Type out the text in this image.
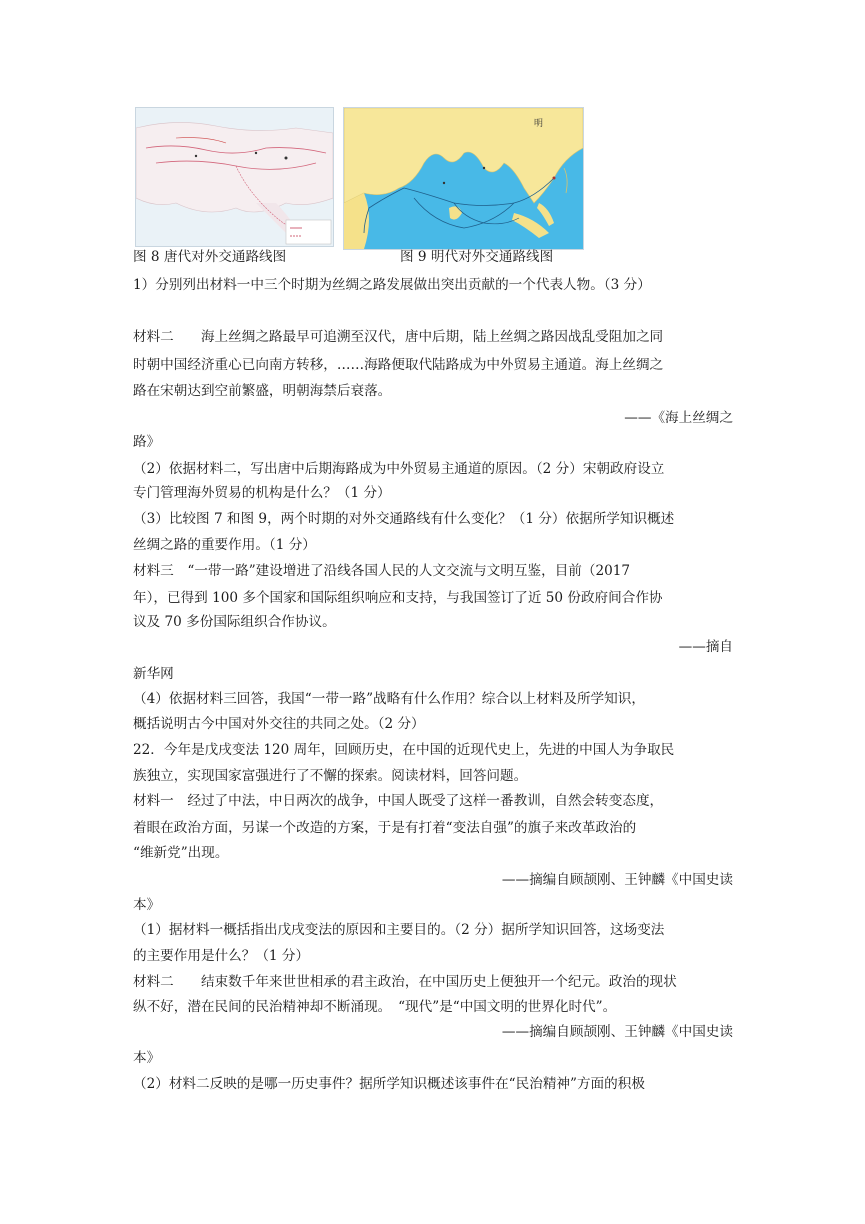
明
图 8 唐代对外交通路线图	图 9 明代对外交通路线图
1）分别列出材料一中三个时期为丝绸之路发展做出突出贡献的一个代表人物。（3 分）
材料二　　海上丝绸之路最早可追溯至汉代，唐中后期，陆上丝绸之路因战乱受阻加之同
时朝中国经济重心已向南方转移，……海路便取代陆路成为中外贸易主通道。海上丝绸之
路在宋朝达到空前繁盛，明朝海禁后衰落。
——《海上丝绸之
路》
（2）依据材料二，写出唐中后期海路成为中外贸易主通道的原因。（2 分）宋朝政府设立
专门管理海外贸易的机构是什么？（1 分）
（3）比较图 7 和图 9，两个时期的对外交通路线有什么变化？（1 分）依据所学知识概述
丝绸之路的重要作用。（1 分）
材料三　“一带一路”建设增进了沿线各国人民的人文交流与文明互鉴，目前（2017
年），已得到 100 多个国家和国际组织响应和支持，与我国签订了近 50 份政府间合作协
议及 70 多份国际组织合作协议。
——摘自
新华网
（4）依据材料三回答，我国“一带一路”战略有什么作用？综合以上材料及所学知识，
概括说明古今中国对外交往的共同之处。（2 分）
22．今年是戊戌变法 120 周年，回顾历史，在中国的近现代史上，先进的中国人为争取民
族独立，实现国家富强进行了不懈的探索。阅读材料，回答问题。
材料一　经过了中法，中日两次的战争，中国人既受了这样一番教训，自然会转变态度，
着眼在政治方面，另谋一个改造的方案，于是有打着“变法自强”的旗子来改革政治的
“维新党”出现。
——摘编自顾颉刚、王钟麟《中国史读
本》
（1）据材料一概括指出戊戌变法的原因和主要目的。（2 分）据所学知识回答，这场变法
的主要作用是什么？（1 分）
材料二　　结束数千年来世世相承的君主政治，在中国历史上便独开一个纪元。政治的现状
纵不好，潜在民间的民治精神却不断涌现。　“现代”是“中国文明的世界化时代”。
——摘编自顾颉刚、王钟麟《中国史读
本》
（2）材料二反映的是哪一历史事件？据所学知识概述该事件在“民治精神”方面的积极
